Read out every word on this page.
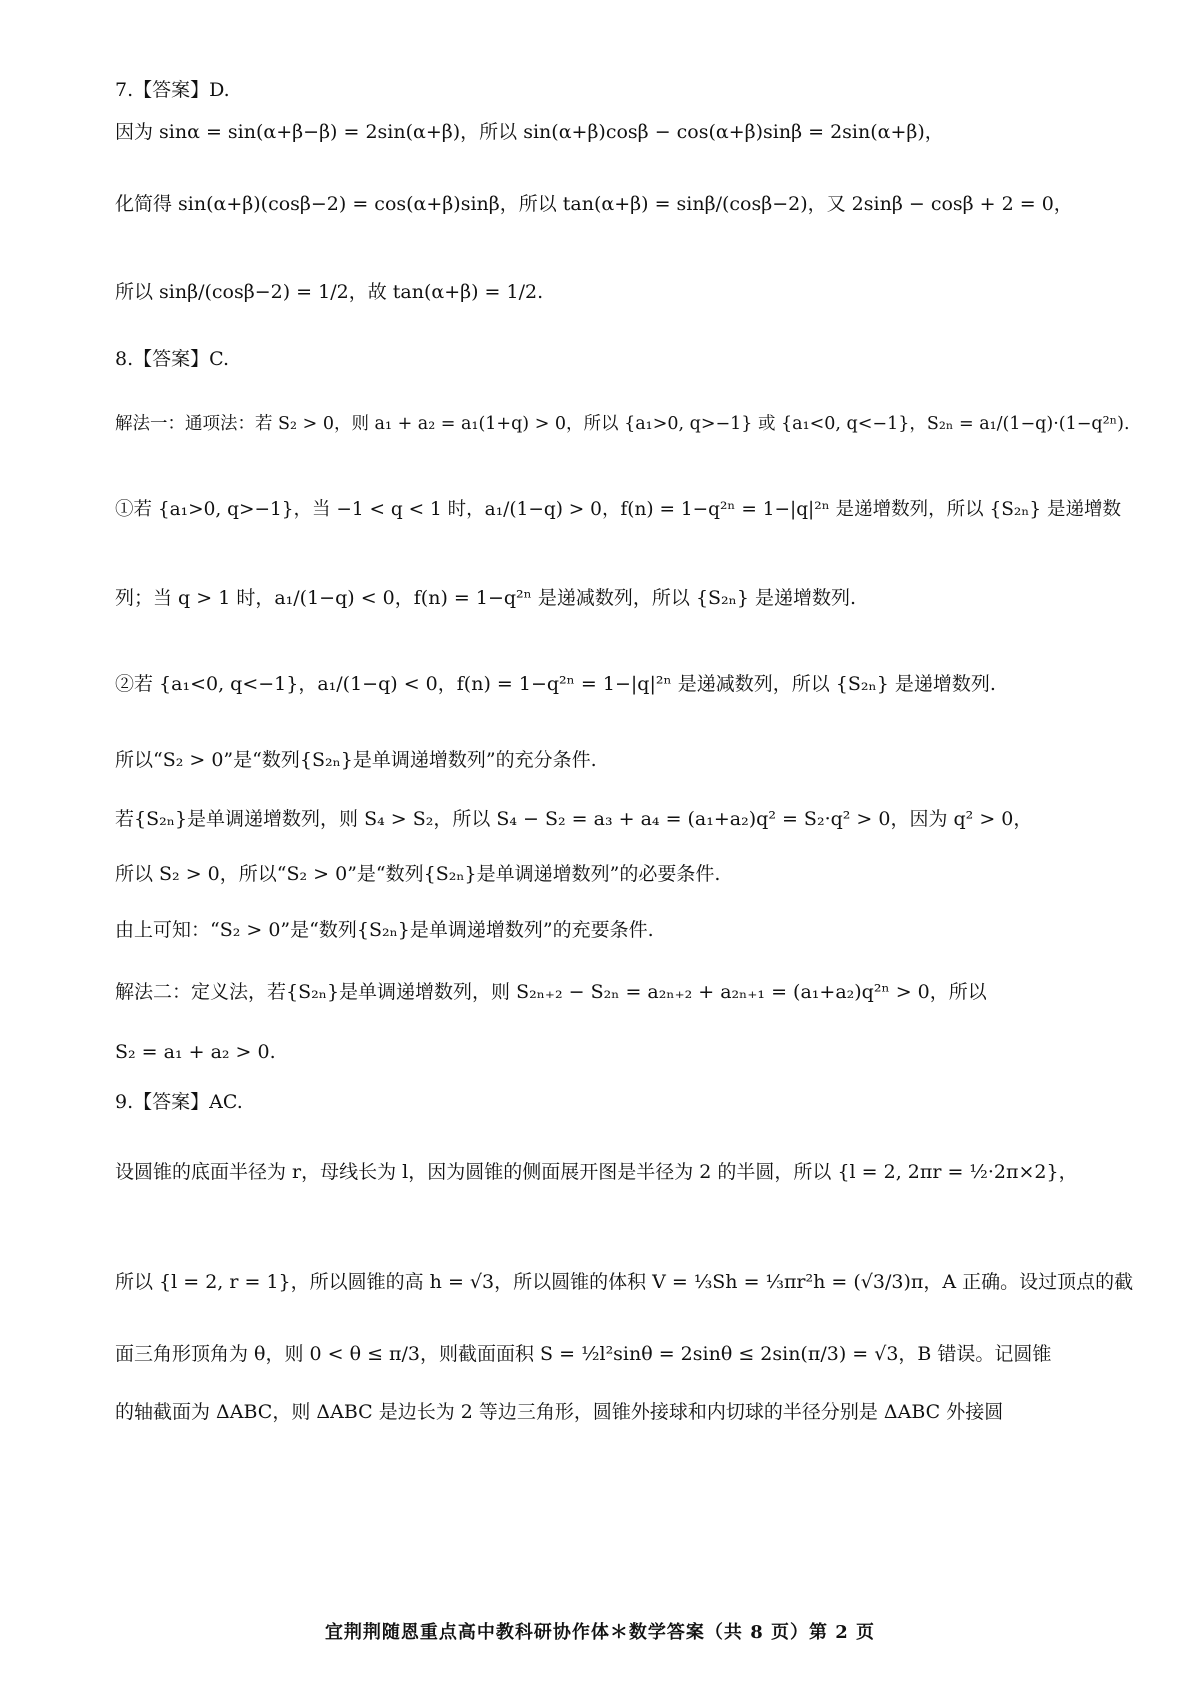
7.【答案】D.
因为 sinα = sin(α+β−β) = 2sin(α+β)，所以 sin(α+β)cosβ − cos(α+β)sinβ = 2sin(α+β)，
化简得 sin(α+β)(cosβ−2) = cos(α+β)sinβ，所以 tan(α+β) = sinβ/(cosβ−2)，又 2sinβ − cosβ + 2 = 0，
所以 sinβ/(cosβ−2) = 1/2，故 tan(α+β) = 1/2.
8.【答案】C.
解法一：通项法：若 S₂ > 0，则 a₁ + a₂ = a₁(1+q) > 0，所以 {a₁>0, q>−1} 或 {a₁<0, q<−1}，S₂ₙ = a₁/(1−q)·(1−q²ⁿ).
①若 {a₁>0, q>−1}，当 −1 < q < 1 时，a₁/(1−q) > 0，f(n) = 1−q²ⁿ = 1−|q|²ⁿ 是递增数列，所以 {S₂ₙ} 是递增数
列；当 q > 1 时，a₁/(1−q) < 0，f(n) = 1−q²ⁿ 是递减数列，所以 {S₂ₙ} 是递增数列.
②若 {a₁<0, q<−1}，a₁/(1−q) < 0，f(n) = 1−q²ⁿ = 1−|q|²ⁿ 是递减数列，所以 {S₂ₙ} 是递增数列.
所以“S₂ > 0”是“数列{S₂ₙ}是单调递增数列”的充分条件.
若{S₂ₙ}是单调递增数列，则 S₄ > S₂，所以 S₄ − S₂ = a₃ + a₄ = (a₁+a₂)q² = S₂·q² > 0，因为 q² > 0，
所以 S₂ > 0，所以“S₂ > 0”是“数列{S₂ₙ}是单调递增数列”的必要条件.
由上可知：“S₂ > 0”是“数列{S₂ₙ}是单调递增数列”的充要条件.
解法二：定义法，若{S₂ₙ}是单调递增数列，则 S₂ₙ₊₂ − S₂ₙ = a₂ₙ₊₂ + a₂ₙ₊₁ = (a₁+a₂)q²ⁿ > 0，所以
S₂ = a₁ + a₂ > 0.
9.【答案】AC.
设圆锥的底面半径为 r，母线长为 l，因为圆锥的侧面展开图是半径为 2 的半圆，所以 {l = 2, 2πr = ½·2π×2}，
所以 {l = 2, r = 1}，所以圆锥的高 h = √3，所以圆锥的体积 V = ⅓Sh = ⅓πr²h = (√3/3)π，A 正确。设过顶点的截
面三角形顶角为 θ，则 0 < θ ≤ π/3，则截面面积 S = ½l²sinθ = 2sinθ ≤ 2sin(π/3) = √3，B 错误。记圆锥
的轴截面为 ΔABC，则 ΔABC 是边长为 2 等边三角形，圆锥外接球和内切球的半径分别是 ΔABC 外接圆
宜荆荆随恩重点高中教科研协作体＊数学答案（共 8 页）第 2 页
